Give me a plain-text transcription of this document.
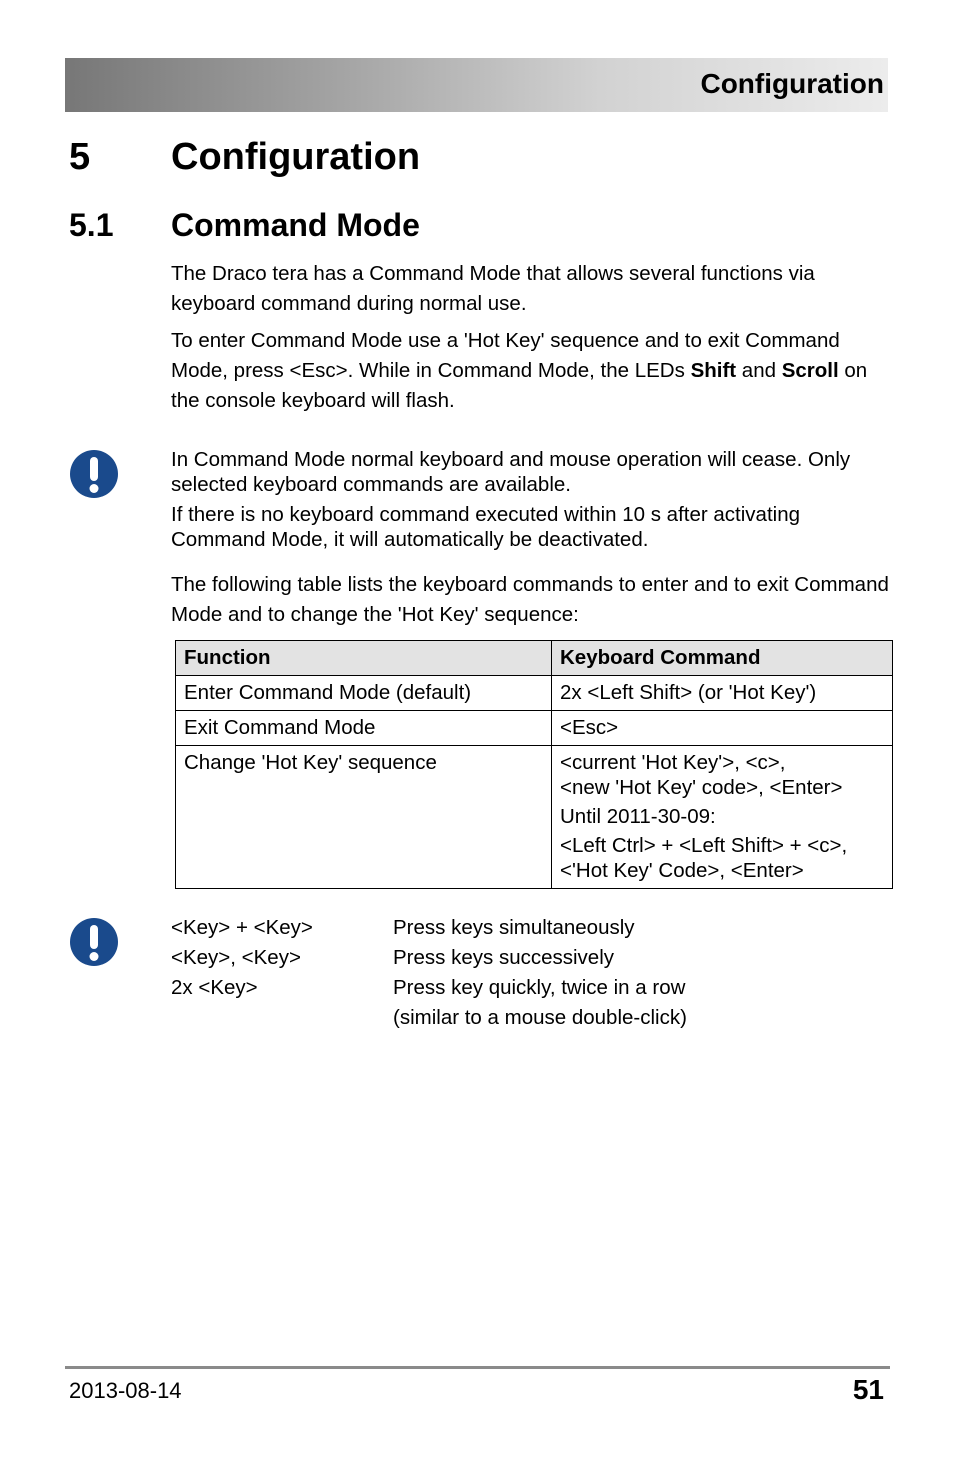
Configuration
5 Configuration
5.1 Command Mode
The Draco tera has a Command Mode that allows several functions via keyboard command during normal use.
To enter Command Mode use a 'Hot Key' sequence and to exit Command Mode, press <Esc>. While in Command Mode, the LEDs Shift and Scroll on the console keyboard will flash.

In Command Mode normal keyboard and mouse operation will cease. Only selected keyboard commands are available.

If there is no keyboard command executed within 10 s after activating Command Mode, it will automatically be deactivated.

The following table lists the keyboard commands to enter and to exit Command Mode and to change the 'Hot Key' sequence:
Function	Keyboard Command
Enter Command Mode (default)	2x <Left Shift> (or 'Hot Key')
Exit Command Mode	<Esc>
Change 'Hot Key' sequence	<current 'Hot Key'>, <c>,
<new 'Hot Key' code>, <Enter>
Until 2011-30-09:
<Left Ctrl> + <Left Shift> + <c>,
<'Hot Key' Code>, <Enter>
<Key> + <Key>	Press keys simultaneously
<Key>, <Key>	Press keys successively
2x <Key>	Press key quickly, twice in a row
(similar to a mouse double-click)
2013-08-14	51
